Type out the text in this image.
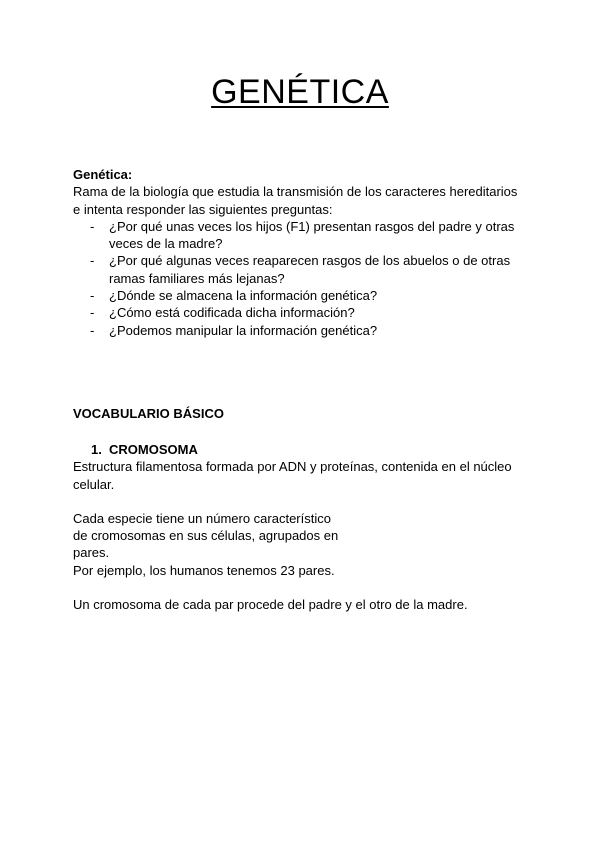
GENÉTICA
Genética:
Rama de la biología que estudia la transmisión de los caracteres hereditarios
e intenta responder las siguientes preguntas:
- ¿Por qué unas veces los hijos (F1) presentan rasgos del padre y otras
veces de la madre?
- ¿Por qué algunas veces reaparecen rasgos de los abuelos o de otras
ramas familiares más lejanas?
- ¿Dónde se almacena la información genética?
- ¿Cómo está codificada dicha información?
- ¿Podemos manipular la información genética?
VOCABULARIO BÁSICO
1. CROMOSOMA
Estructura filamentosa formada por ADN y proteínas, contenida en el núcleo
celular.
Cada especie tiene un número característico
de cromosomas en sus células, agrupados en
pares.
Por ejemplo, los humanos tenemos 23 pares.
Un cromosoma de cada par procede del padre y el otro de la madre.
